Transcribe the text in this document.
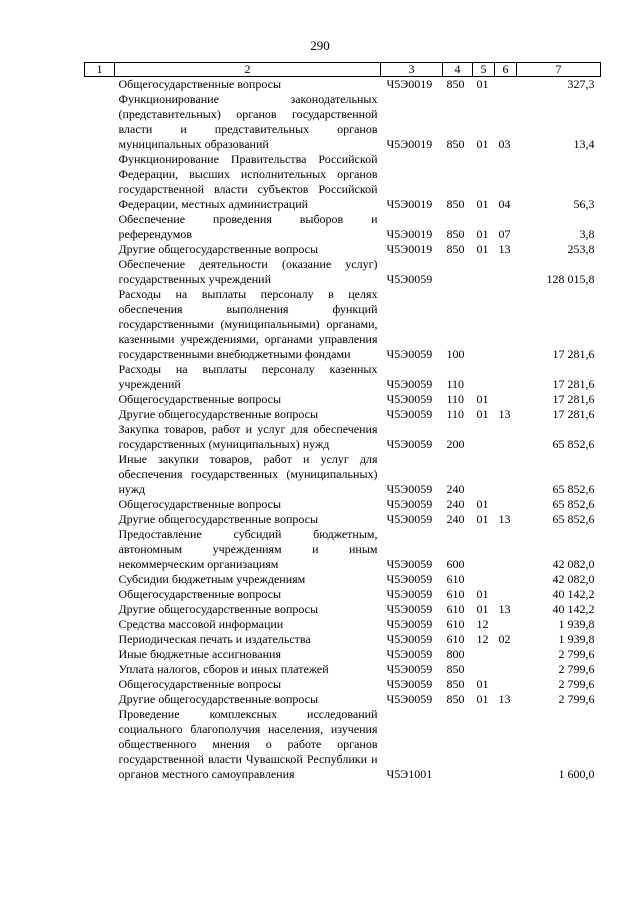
290
1	2	3	4	5	6	7
	Общегосударственные вопросы	Ч5Э0019	850	01		327,3
	Функционирование законодательных (представительных) органов государственной власти и представительных органов муниципальных образований	Ч5Э0019	850	01	03	13,4
	Функционирование Правительства Российской Федерации, высших исполнительных органов государственной власти субъектов Российской Федерации, местных администраций	Ч5Э0019	850	01	04	56,3
	Обеспечение проведения выборов и референдумов	Ч5Э0019	850	01	07	3,8
	Другие общегосударственные вопросы	Ч5Э0019	850	01	13	253,8
	Обеспечение деятельности (оказание услуг) государственных учреждений	Ч5Э0059				128 015,8
	Расходы на выплаты персоналу в целях обеспечения выполнения функций государственными (муниципальными) органами, казенными учреждениями, органами управления государственными внебюджетными фондами	Ч5Э0059	100			17 281,6
	Расходы на выплаты персоналу казенных учреждений	Ч5Э0059	110			17 281,6
	Общегосударственные вопросы	Ч5Э0059	110	01		17 281,6
	Другие общегосударственные вопросы	Ч5Э0059	110	01	13	17 281,6
	Закупка товаров, работ и услуг для обеспечения государственных (муниципальных) нужд	Ч5Э0059	200			65 852,6
	Иные закупки товаров, работ и услуг для обеспечения государственных (муниципальных) нужд	Ч5Э0059	240			65 852,6
	Общегосударственные вопросы	Ч5Э0059	240	01		65 852,6
	Другие общегосударственные вопросы	Ч5Э0059	240	01	13	65 852,6
	Предоставление субсидий бюджетным, автономным учреждениям и иным некоммерческим организациям	Ч5Э0059	600			42 082,0
	Субсидии бюджетным учреждениям	Ч5Э0059	610			42 082,0
	Общегосударственные вопросы	Ч5Э0059	610	01		40 142,2
	Другие общегосударственные вопросы	Ч5Э0059	610	01	13	40 142,2
	Средства массовой информации	Ч5Э0059	610	12		1 939,8
	Периодическая печать и издательства	Ч5Э0059	610	12	02	1 939,8
	Иные бюджетные ассигнования	Ч5Э0059	800			2 799,6
	Уплата налогов, сборов и иных платежей	Ч5Э0059	850			2 799,6
	Общегосударственные вопросы	Ч5Э0059	850	01		2 799,6
	Другие общегосударственные вопросы	Ч5Э0059	850	01	13	2 799,6
	Проведение комплексных исследований социального благополучия населения, изучения общественного мнения о работе органов государственной власти Чувашской Республики и органов местного самоуправления	Ч5Э1001				1 600,0
